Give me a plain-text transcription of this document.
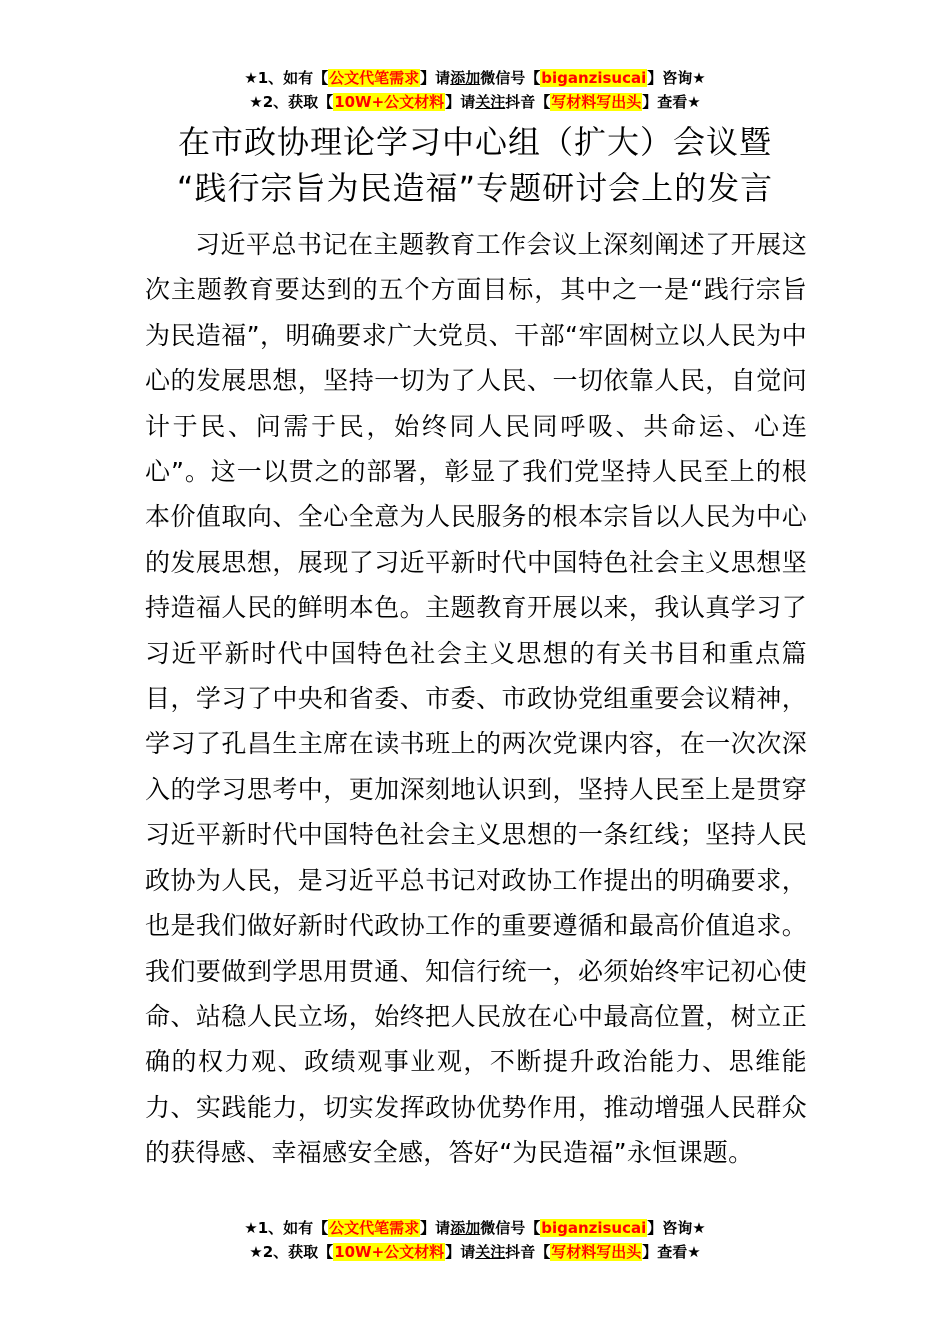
★1、如有【公文代笔需求】请添加微信号【biganzisucai】咨询★
★2、获取【10W+公文材料】请关注抖音【写材料写出头】查看★
在市政协理论学习中心组（扩大）会议暨
“践行宗旨为民造福”专题研讨会上的发言
习近平总书记在主题教育工作会议上深刻阐述了开展这次主题教育要达到的五个方面目标，其中之一是“践行宗旨为民造福”，明确要求广大党员、干部“牢固树立以人民为中心的发展思想，坚持一切为了人民、一切依靠人民，自觉问计于民、问需于民，始终同人民同呼吸、共命运、心连心”。这一以贯之的部署，彰显了我们党坚持人民至上的根本价值取向、全心全意为人民服务的根本宗旨以人民为中心的发展思想，展现了习近平新时代中国特色社会主义思想坚持造福人民的鲜明本色。主题教育开展以来，我认真学习了习近平新时代中国特色社会主义思想的有关书目和重点篇目，学习了中央和省委、市委、市政协党组重要会议精神，学习了孔昌生主席在读书班上的两次党课内容，在一次次深入的学习思考中，更加深刻地认识到，坚持人民至上是贯穿习近平新时代中国特色社会主义思想的一条红线；坚持人民政协为人民，是习近平总书记对政协工作提出的明确要求，也是我们做好新时代政协工作的重要遵循和最高价值追求。我们要做到学思用贯通、知信行统一，必须始终牢记初心使命、站稳人民立场，始终把人民放在心中最高位置，树立正确的权力观、政绩观事业观，不断提升政治能力、思维能力、实践能力，切实发挥政协优势作用，推动增强人民群众的获得感、幸福感安全感，答好“为民造福”永恒课题。
★1、如有【公文代笔需求】请添加微信号【biganzisucai】咨询★
★2、获取【10W+公文材料】请关注抖音【写材料写出头】查看★
